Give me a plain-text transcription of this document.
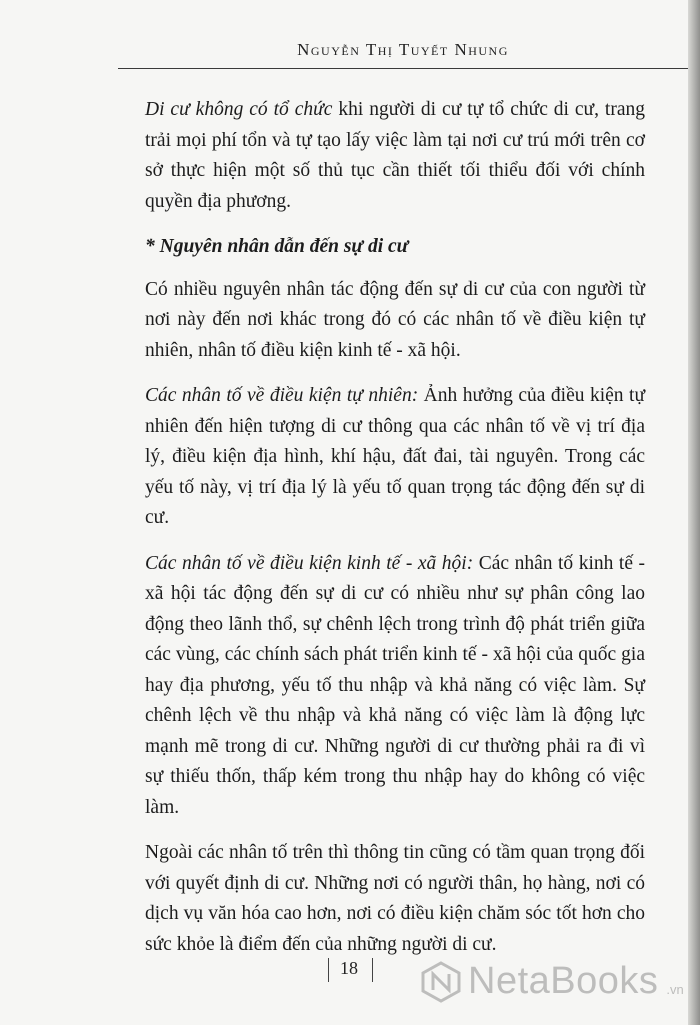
Nguyễn Thị Tuyết Nhung

Di cư không có tổ chức khi người di cư tự tổ chức di cư, trang trải mọi phí tổn và tự tạo lấy việc làm tại nơi cư trú mới trên cơ sở thực hiện một số thủ tục cần thiết tối thiểu đối với chính quyền địa phương.

* Nguyên nhân dẫn đến sự di cư

Có nhiều nguyên nhân tác động đến sự di cư của con người từ nơi này đến nơi khác trong đó có các nhân tố về điều kiện tự nhiên, nhân tố điều kiện kinh tế - xã hội.

Các nhân tố về điều kiện tự nhiên: Ảnh hưởng của điều kiện tự nhiên đến hiện tượng di cư thông qua các nhân tố về vị trí địa lý, điều kiện địa hình, khí hậu, đất đai, tài nguyên. Trong các yếu tố này, vị trí địa lý là yếu tố quan trọng tác động đến sự di cư.

Các nhân tố về điều kiện kinh tế - xã hội: Các nhân tố kinh tế - xã hội tác động đến sự di cư có nhiều như sự phân công lao động theo lãnh thổ, sự chênh lệch trong trình độ phát triển giữa các vùng, các chính sách phát triển kinh tế - xã hội của quốc gia hay địa phương, yếu tố thu nhập và khả năng có việc làm. Sự chênh lệch về thu nhập và khả năng có việc làm là động lực mạnh mẽ trong di cư. Những người di cư thường phải ra đi vì sự thiếu thốn, thấp kém trong thu nhập hay do không có việc làm.

Ngoài các nhân tố trên thì thông tin cũng có tầm quan trọng đối với quyết định di cư. Những nơi có người thân, họ hàng, nơi có dịch vụ văn hóa cao hơn, nơi có điều kiện chăm sóc tốt hơn cho sức khỏe là điểm đến của những người di cư.

18	NetaBooks .vn
